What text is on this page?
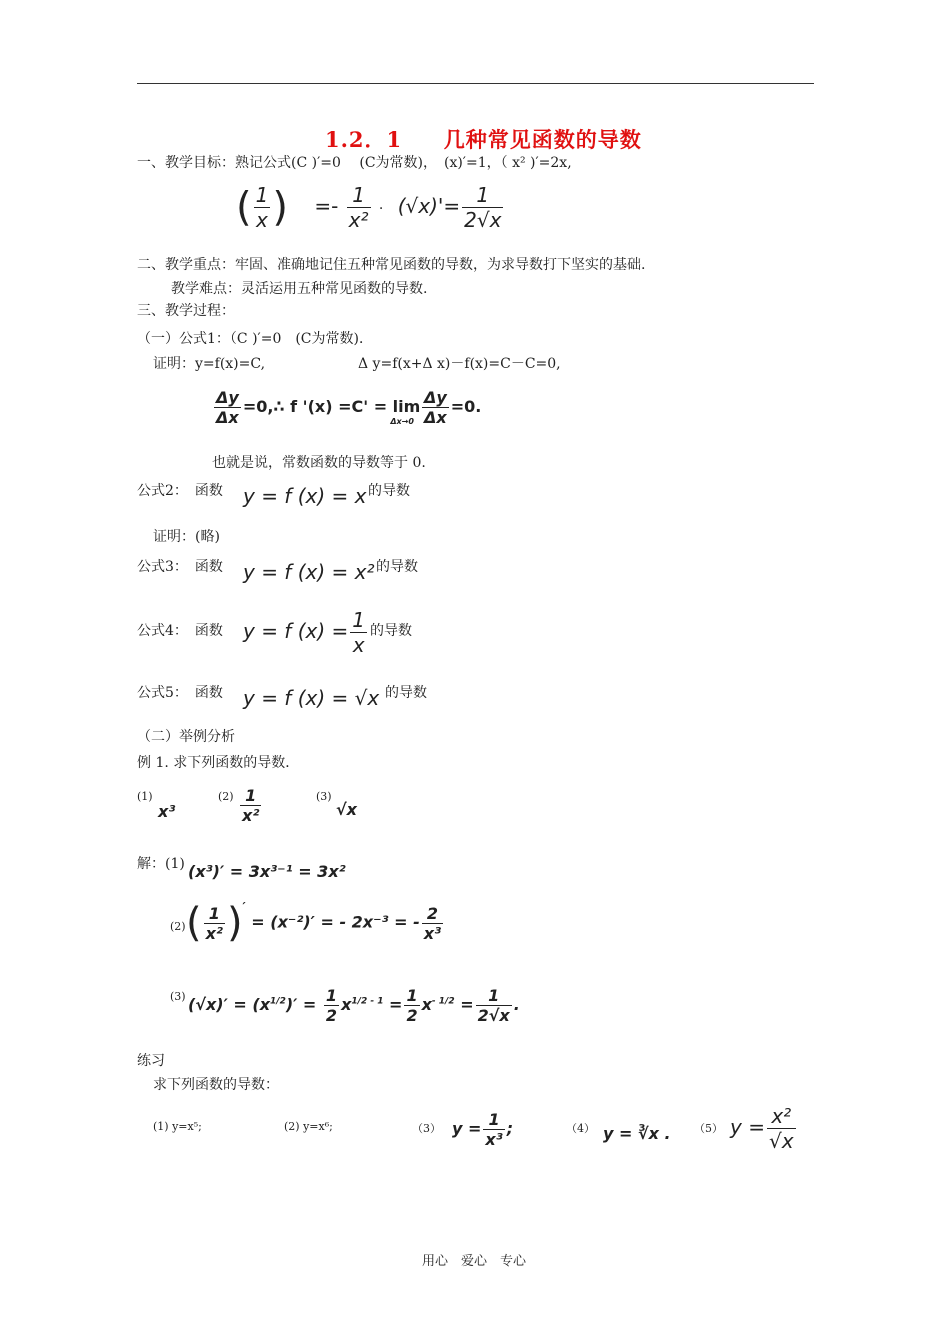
1.2．1     几种常见函数的导数
一、教学目标：熟记公式(C )′=0　 (C为常数)，　(x)′=1，（ x² )′=2x,
( $\frac{1}{x}$ ) =- $\frac{1}{\text{x²}} \cdot (√x)'= \frac{1}{2√x}$
二、教学重点：牢固、准确地记住五种常见函数的导数，为求导数打下坚实的基础.
教学难点：灵活运用五种常见函数的导数.
三、教学过程：
（一）公式1：（C )′=0　(C为常数)．
证明：y=f(x)=C,	Δ y=f(x+Δ x)－f(x)=C－C=0,
$\frac{\Delta y}{\Delta x}$ =0,∴ f '$(x) =C' = \lim_{\Delta x\to 0} \frac{\Delta y}{\Delta x} =0$.
也就是说，常数函数的导数等于 0.
公式2：　函数 y = f (x) = x 的导数
证明：(略)
公式3：　函数 y = f (x) = x² 的导数
公式4：　函数 y = f $(x) = \frac{1}{x}$ 的导数
公式5：　函数 y = f (x) = √x 的导数
（二）举例分析
例 1. 求下列函数的导数．
(1)
x³
$(2) \frac{1}{\text{x²}}$	(3)
√x
解：(1) (x³)′ = 3x³⁻¹ = 3x²
(2) ( $\frac{1}{\text{x²}} )' = (x^{-2})'$ = - 2x⁻³ = - $\frac{2}{\text{x³}}$
(3) $(√x)' = (x^{1/2})' = \frac{1}{2} x^{1/2 - 1} = \frac{1}{2} x^{- 1/2} = \frac{1}{2√x}$ .
练习
求下列函数的导数：
(1) y=x⁵;	(2) y=x⁶;	（3） $y = \frac{1}{\text{x³}}$ ;	（4） y = ∛x . （5） $y = \frac{\text{x²}}{√x}$
用心　爱心　专心
